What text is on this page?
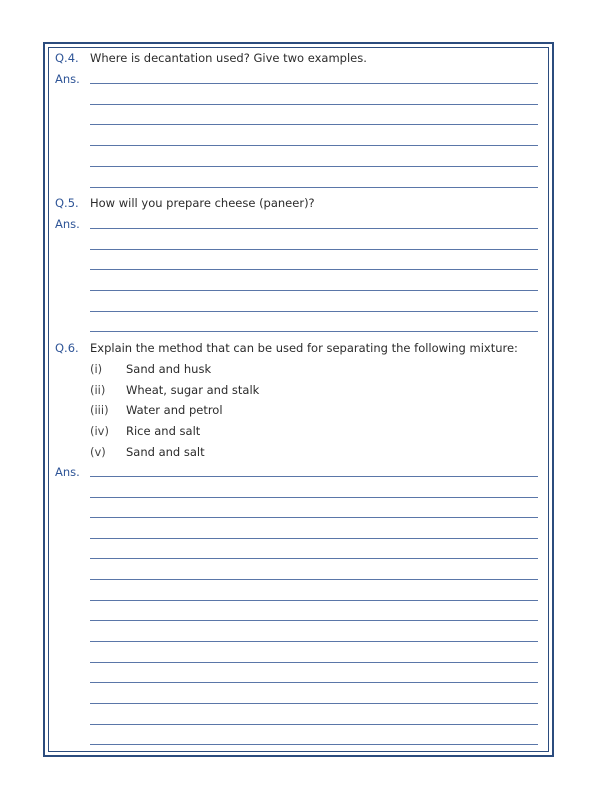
Q.4. Where is decantation used? Give two examples.
Ans.
Q.5. How will you prepare cheese (paneer)?
Ans.
Q.6. Explain the method that can be used for separating the following mixture:
(i) Sand and husk
(ii) Wheat, sugar and stalk
(iii) Water and petrol
(iv) Rice and salt
(v) Sand and salt
Ans.
